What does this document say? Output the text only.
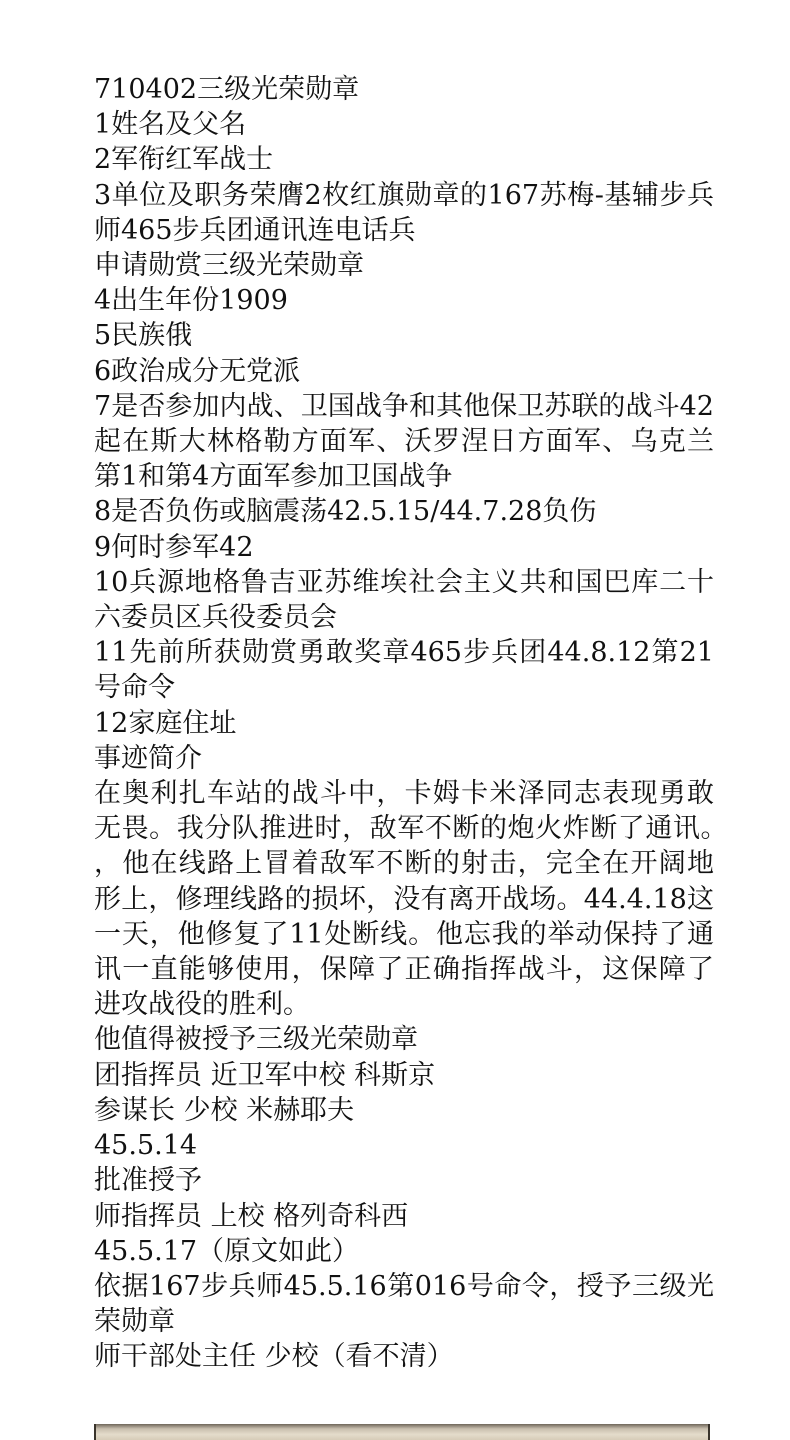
710402三级光荣勋章
1姓名及父名
2军衔红军战士
3单位及职务荣膺2枚红旗勋章的167苏梅-基辅步兵师465步兵团通讯连电话兵
申请勋赏三级光荣勋章
4出生年份1909
5民族俄
6政治成分无党派
7是否参加内战、卫国战争和其他保卫苏联的战斗42起在斯大林格勒方面军、沃罗涅日方面军、乌克兰第1和第4方面军参加卫国战争
8是否负伤或脑震荡42.5.15/44.7.28负伤
9何时参军42
10兵源地格鲁吉亚苏维埃社会主义共和国巴库二十六委员区兵役委员会
11先前所获勋赏勇敢奖章465步兵团44.8.12第21号命令
12家庭住址
事迹简介
在奥利扎车站的战斗中，卡姆卡米泽同志表现勇敢无畏。我分队推进时，敌军不断的炮火炸断了通讯。，他在线路上冒着敌军不断的射击，完全在开阔地形上，修理线路的损坏，没有离开战场。44.4.18这一天，他修复了11处断线。他忘我的举动保持了通讯一直能够使用，保障了正确指挥战斗，这保障了进攻战役的胜利。
他值得被授予三级光荣勋章
团指挥员 近卫军中校 科斯京
参谋长 少校 米赫耶夫
45.5.14
批准授予
师指挥员 上校 格列奇科西
45.5.17（原文如此）
依据167步兵师45.5.16第016号命令，授予三级光荣勋章
师干部处主任 少校（看不清）
